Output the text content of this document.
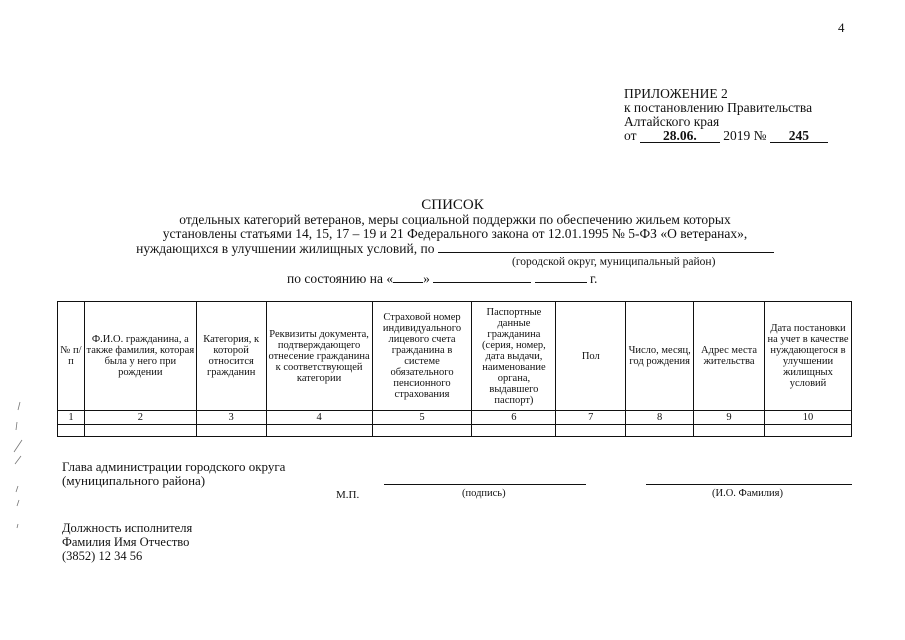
4
ПРИЛОЖЕНИЕ 2
к постановлению Правительства
Алтайского края
от 28.06. 2019 № 245
СПИСОК
отдельных категорий ветеранов, меры социальной поддержки по обеспечению жильем которых
установлены статьями 14, 15, 17 – 19 и 21 Федерального закона от 12.01.1995 № 5-ФЗ «О ветеранах»,
нуждающихся в улучшении жилищных условий, по
(городской округ, муниципальный район)
по состоянию на « »	г.
№ п/п	Ф.И.О. гражданина, а также фамилия, которая была у него при рождении	Категория, к которой относится гражданин	Реквизиты документа, подтверждающего отнесение гражданина к соответствующей категории	Страховой номер индивидуального лицевого счета гражданина в системе обязательного пенсионного страхования	Паспортные данные гражданина (серия, номер, дата выдачи, наименование органа, выдавшего паспорт)	Пол	Число, месяц, год рождения	Адрес места жительства	Дата постановки на учет в качестве нуждающегося в улучшении жилищных условий
1	2	3	4	5	6	7	8	9	10

Глава администрации городского округа
(муниципального района)
М.П.	(подпись)	(И.О. Фамилия)
Должность исполнителя
Фамилия Имя Отчество
(3852) 12 34 56
